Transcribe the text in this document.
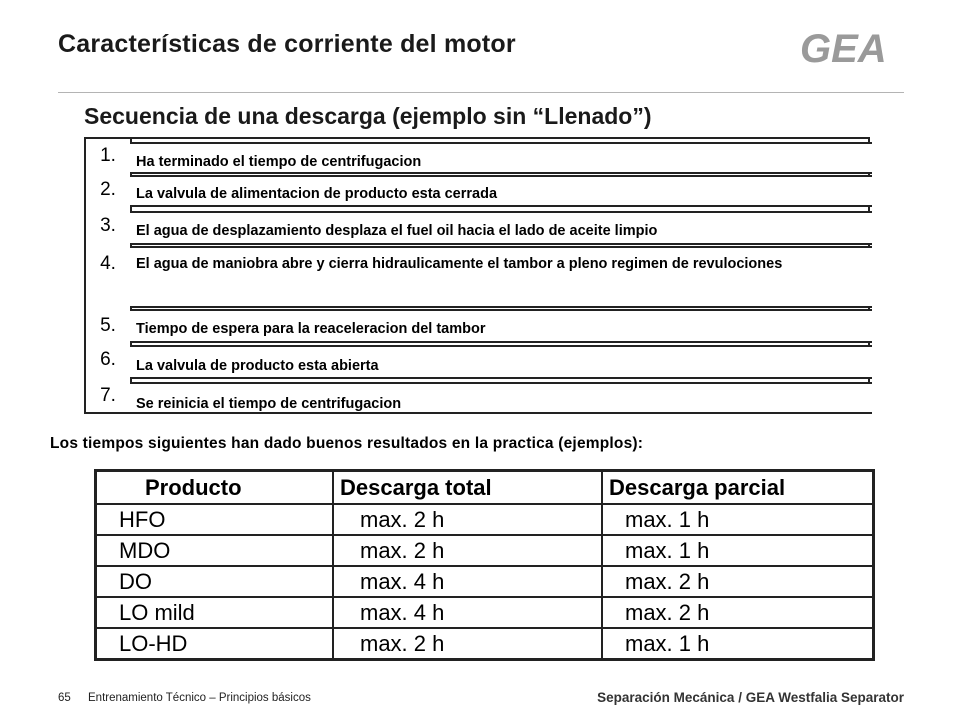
Características de corriente del motor	GEA
Secuencia de una descarga (ejemplo sin “Llenado”)
1.
2.
3.
4.
5.
6.
7.
Ha terminado el tiempo de centrifugacion
La valvula de alimentacion de producto esta cerrada
El agua de desplazamiento desplaza el fuel oil hacia el lado de aceite limpio
El agua de maniobra abre y cierra hidraulicamente el tambor a pleno regimen de revulociones
Tiempo de espera para la reaceleracion del tambor
La valvula de producto esta abierta
Se reinicia el tiempo de centrifugacion
Los tiempos siguientes han dado buenos resultados en la practica (ejemplos):
Producto	Descarga total	Descarga parcial
HFO	max. 2 h	max. 1 h
MDO	max. 2 h	max. 1 h
DO	max. 4 h	max. 2 h
LO mild	max. 4 h	max. 2 h
LO-HD	max. 2 h	max. 1 h
65 Entrenamiento Técnico – Principios básicos	Separación Mecánica / GEA Westfalia Separator
